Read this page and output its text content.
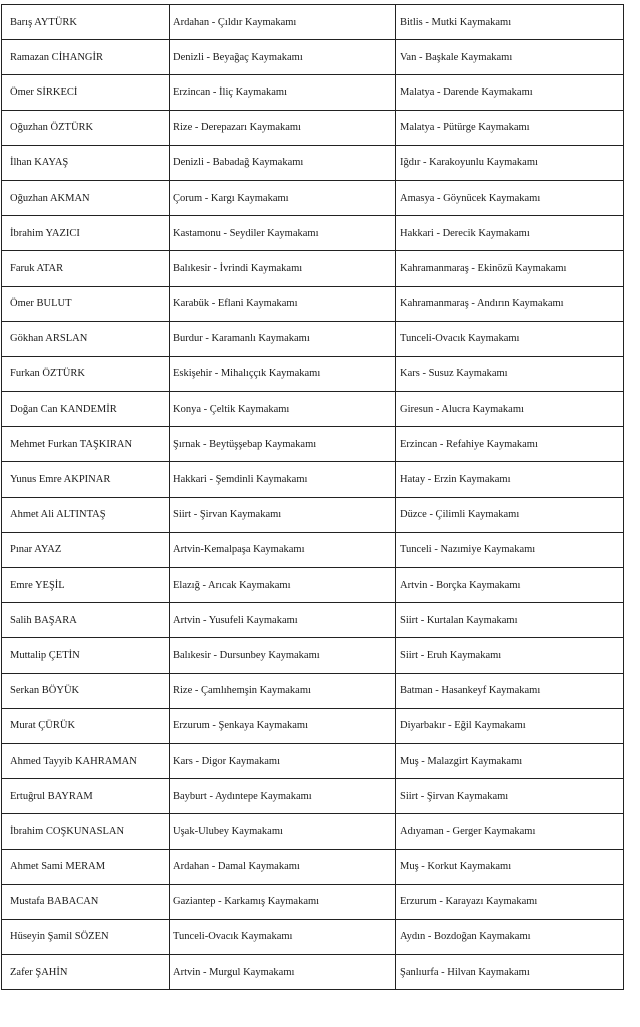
Barış AYTÜRK	Ardahan - Çıldır Kaymakamı	Bitlis - Mutki Kaymakamı
Ramazan CİHANGİR	Denizli - Beyağaç Kaymakamı	Van - Başkale Kaymakamı
Ömer SİRKECİ	Erzincan - İliç Kaymakamı	Malatya - Darende Kaymakamı
Oğuzhan ÖZTÜRK	Rize - Derepazarı Kaymakamı	Malatya - Pütürge Kaymakamı
İlhan KAYAŞ	Denizli - Babadağ Kaymakamı	Iğdır - Karakoyunlu Kaymakamı
Oğuzhan AKMAN	Çorum - Kargı Kaymakamı	Amasya - Göynücek Kaymakamı
İbrahim YAZICI	Kastamonu - Seydiler Kaymakamı	Hakkari - Derecik Kaymakamı
Faruk ATAR	Balıkesir - İvrindi Kaymakamı	Kahramanmaraş - Ekinözü Kaymakamı
Ömer BULUT	Karabük - Eflani Kaymakamı	Kahramanmaraş - Andırın Kaymakamı
Gökhan ARSLAN	Burdur - Karamanlı Kaymakamı	Tunceli-Ovacık Kaymakamı
Furkan ÖZTÜRK	Eskişehir - Mihalıççık Kaymakamı	Kars - Susuz Kaymakamı
Doğan Can KANDEMİR	Konya - Çeltik Kaymakamı	Giresun - Alucra Kaymakamı
Mehmet Furkan TAŞKIRAN	Şırnak - Beytüşşebap Kaymakamı	Erzincan - Refahiye Kaymakamı
Yunus Emre AKPINAR	Hakkari - Şemdinli Kaymakamı	Hatay - Erzin Kaymakamı
Ahmet Ali ALTINTAŞ	Siirt - Şirvan Kaymakamı	Düzce - Çilimli Kaymakamı
Pınar AYAZ	Artvin-Kemalpaşa Kaymakamı	Tunceli - Nazımiye Kaymakamı
Emre YEŞİL	Elazığ - Arıcak Kaymakamı	Artvin - Borçka Kaymakamı
Salih BAŞARA	Artvin - Yusufeli Kaymakamı	Siirt - Kurtalan Kaymakamı
Muttalip ÇETİN	Balıkesir - Dursunbey Kaymakamı	Siirt - Eruh Kaymakamı
Serkan BÖYÜK	Rize - Çamlıhemşin Kaymakamı	Batman - Hasankeyf Kaymakamı
Murat ÇÜRÜK	Erzurum - Şenkaya Kaymakamı	Diyarbakır - Eğil Kaymakamı
Ahmed Tayyib KAHRAMAN	Kars - Digor Kaymakamı	Muş - Malazgirt Kaymakamı
Ertuğrul BAYRAM	Bayburt - Aydıntepe Kaymakamı	Siirt - Şirvan Kaymakamı
İbrahim COŞKUNASLAN	Uşak-Ulubey Kaymakamı	Adıyaman - Gerger Kaymakamı
Ahmet Sami MERAM	Ardahan - Damal Kaymakamı	Muş - Korkut Kaymakamı
Mustafa BABACAN	Gaziantep - Karkamış Kaymakamı	Erzurum - Karayazı Kaymakamı
Hüseyin Şamil SÖZEN	Tunceli-Ovacık Kaymakamı	Aydın - Bozdoğan Kaymakamı
Zafer ŞAHİN	Artvin - Murgul Kaymakamı	Şanlıurfa - Hilvan Kaymakamı
